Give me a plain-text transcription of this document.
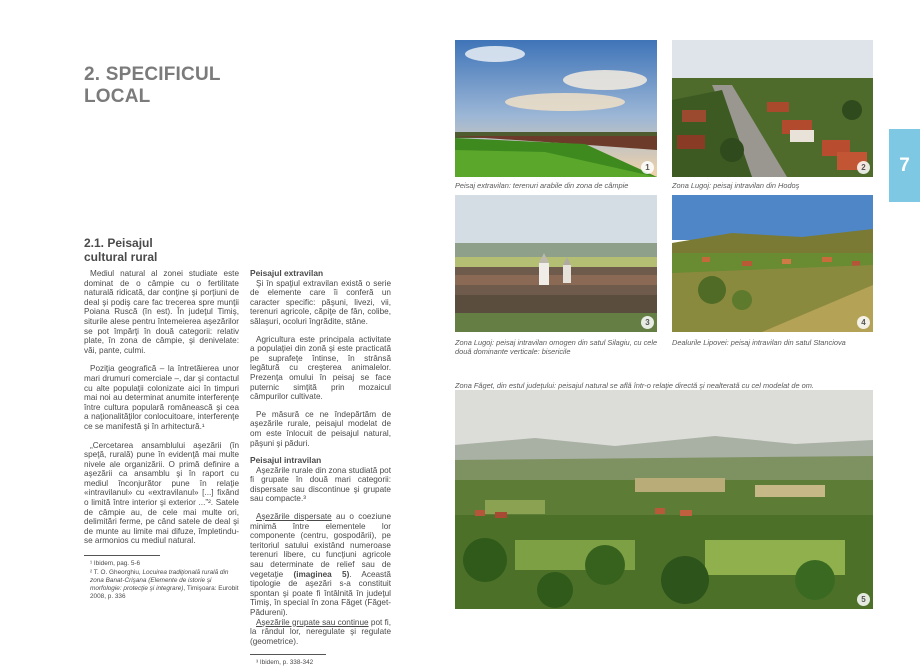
2. SPECIFICUL
LOCAL
2.1. Peisajul
cultural rural

Mediul natural al zonei studiate este dominat de o câmpie cu o fertilitate naturală ridicată, dar conţine şi porţiuni de deal şi podiş care fac trecerea spre munţii Poiana Ruscă (în est). În judeţul Timiş, siturile alese pentru întemeierea aşezărilor se pot împărţi în două categorii: relativ plate, în zona de câmpie, şi denivelate: văi, pante, culmi.

Poziţia geografică – la întretăierea unor mari drumuri comerciale –, dar şi contactul cu alte populaţii colonizate aici în timpuri mai noi au determinat anumite interferenţe între cultura populară românească şi cea a naţionalităţilor conlocuitoare, interferenţe ce se manifestă şi în arhitectură.¹

„Cercetarea ansamblului aşezării (în speţă, rurală) pune în evidenţă mai multe nivele ale organizării. O primă definire a aşezării ca ansamblu şi în raport cu mediul înconjurător pune în relaţie «intravilanul» cu «extravilanul» [...] fixând o limită între interior şi exterior ...”². Satele de câmpie au, de cele mai multe ori, delimitări ferme, pe când satele de deal şi de munte au limite mai difuze, împletindu-se armonios cu mediul natural.

¹ Ibidem, pag. 5-6
² T. O. Gheorghiu, Locuirea tradiţională rurală din zona Banat-Crişana (Elemente de istorie şi morfologie: protecţie şi integrare), Timişoara: Eurobit 2008, p. 336
Peisajul extravilan

Şi în spaţiul extravilan există o serie de elemente care îi conferă un caracter specific: păşuni, livezi, vii, terenuri agricole, căpiţe de fân, colibe, sălaşuri, ocoluri îngrădite, stâne.

Agricultura este principala activitate a populaţiei din zonă şi este practicată pe suprafeţe întinse, în strânsă legătură cu creşterea animalelor. Prezenţa omului în peisaj se face puternic simţită prin mozaicul câmpurilor cultivate.

Pe măsură ce ne îndepărtăm de aşezările rurale, peisajul modelat de om este înlocuit de peisajul natural, păşuni şi păduri.

Peisajul intravilan

Aşezările rurale din zona studiată pot fi grupate în două mari categorii: dispersate sau discontinue şi grupate sau compacte.³

Aşezările dispersate au o coeziune minimă între elementele lor componente (centru, gospodării), pe teritoriul satului existând numeroase terenuri libere, cu funcţiuni agricole sau determinate de relief sau de vegetaţie (imaginea 5). Această tipologie de aşezări s-a constituit spontan şi poate fi întâlnită în judeţul Timiş, în special în zona Făget (Făget-Pădureni).

Aşezările grupate sau continue pot fi, la rândul lor, neregulate şi regulate (geometrice).

³ Ibidem, p. 338-342
1
Peisaj extravilan: terenuri arabile din zona de câmpie
2
Zona Lugoj: peisaj intravilan din Hodoş
3
Zona Lugoj: peisaj intravilan omogen din satul Silagiu, cu cele două dominante verticale: bisericile
4
Dealurile Lipovei: peisaj intravilan din satul Stanciova
Zona Făget, din estul judeţului: peisajul natural se află într-o relaţie directă şi nealterată cu cel modelat de om.
5
7
